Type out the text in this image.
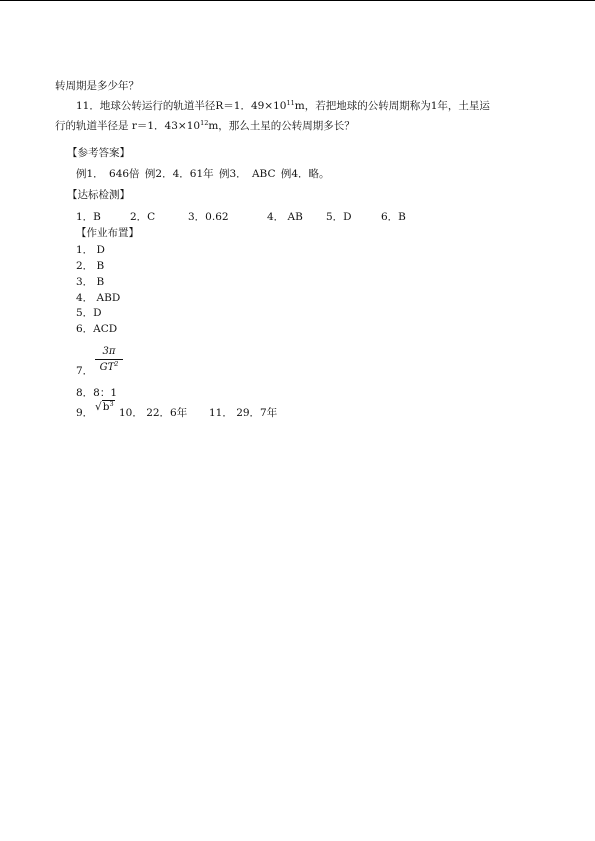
转周期是多少年？
11．地球公转运行的轨道半径R＝1．$49\times 10^{11}m$，若把地球的公转周期称为1年，土星运
行的轨道半径是 r＝1．$43\times 10^{12}m$，那么土星的公转周期多长？
【参考答案】
例1． 646倍 例2．4．61年 例3． ABC 例4．略。
【达标检测】
1．B	2．C	3．0.62	4． AB 5．D	6．B
【作业布置】
1． D
2． B
3． B
4． ABD
5．D
6．ACD
7．
3π
$GT^2$
8．8：1
9． $√b^3$
10． 22．6年 11． 29．7年
